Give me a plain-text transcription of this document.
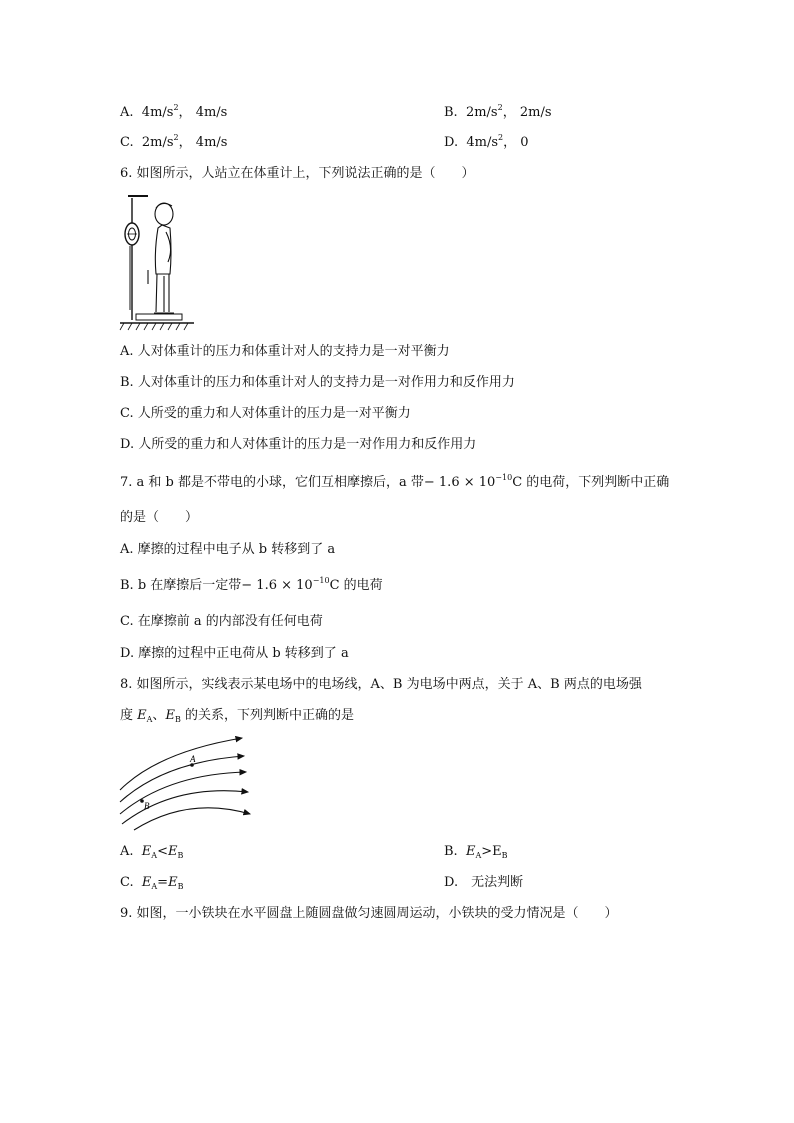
A. $4m/s^2$， 4m/s	B. $2m/s^2$， 2m/s
C. $2m/s^2$， 4m/s	D. $4m/s^2$， 0
6. 如图所示，人站立在体重计上，下列说法正确的是（　　）
A. 人对体重计的压力和体重计对人的支持力是一对平衡力
B. 人对体重计的压力和体重计对人的支持力是一对作用力和反作用力
C. 人所受的重力和人对体重计的压力是一对平衡力
D. 人所受的重力和人对体重计的压力是一对作用力和反作用力
7. a 和 b 都是不带电的小球，它们互相摩擦后，a 带− $1.6 \times 10^{-10}C$ 的电荷，下列判断中正确
的是（　　）
A. 摩擦的过程中电子从 b 转移到了 a
B. b 在摩擦后一定带− $1.6 \times 10^{-10}C$ 的电荷
C. 在摩擦前 a 的内部没有任何电荷
D. 摩擦的过程中正电荷从 b 转移到了 a
8. 如图所示，实线表示某电场中的电场线，A、B 为电场中两点，关于 A、B 两点的电场强
度 $E_A$、$E_B$ 的关系，下列判断中正确的是
A
B
A. $E_A<E_B$	B. $E_A>E_B$
C. $E_A=E_B$	D.　无法判断
9. 如图，一小铁块在水平圆盘上随圆盘做匀速圆周运动，小铁块的受力情况是（　　）
